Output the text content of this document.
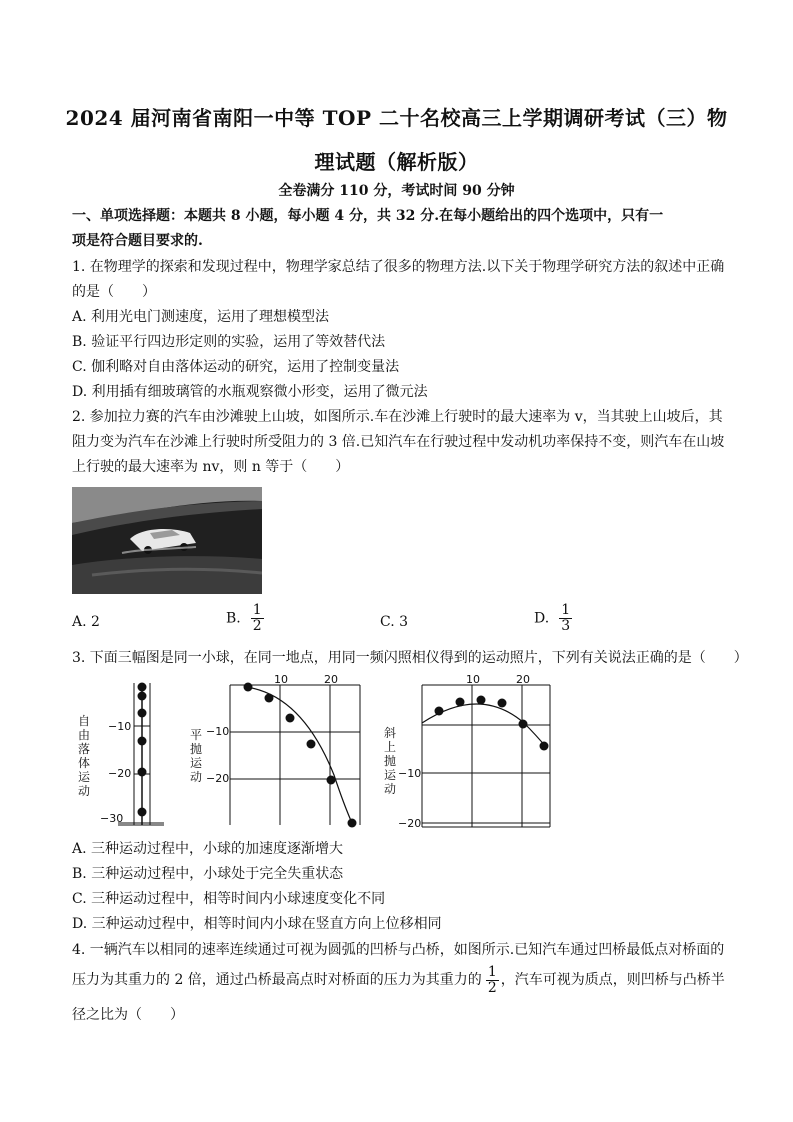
2024 届河南省南阳一中等 TOP 二十名校高三上学期调研考试（三）物
理试题（解析版）
全卷满分 110 分，考试时间 90 分钟
一、单项选择题：本题共 8 小题，每小题 4 分，共 32 分.在每小题给出的四个选项中，只有一
项是符合题目要求的.
1. 在物理学的探索和发现过程中，物理学家总结了很多的物理方法.以下关于物理学研究方法的叙述中正确
的是（　　）
A. 利用光电门测速度，运用了理想模型法
B. 验证平行四边形定则的实验，运用了等效替代法
C. 伽利略对自由落体运动的研究，运用了控制变量法
D. 利用插有细玻璃管的水瓶观察微小形变，运用了微元法
2. 参加拉力赛的汽车由沙滩驶上山坡，如图所示.车在沙滩上行驶时的最大速率为 v，当其驶上山坡后，其
阻力变为汽车在沙滩上行驶时所受阻力的 3 倍.已知汽车在行驶过程中发动机功率保持不变，则汽车在山坡
上行驶的最大速率为 nv，则 n 等于（　　）
A. 2	B. $\frac{1}{2}$	C. 3	D. $\frac{1}{3}$
3. 下面三幅图是同一小球，在同一地点，用同一频闪照相仪得到的运动照片，下列有关说法正确的是（　　）
自由落体运动
−10
−20
−30
平抛运动
10	20
−10
−20
斜上抛运动
10	20
−10
−20
A. 三种运动过程中，小球的加速度逐渐增大
B. 三种运动过程中，小球处于完全失重状态
C. 三种运动过程中，相等时间内小球速度变化不同
D. 三种运动过程中，相等时间内小球在竖直方向上位移相同
4. 一辆汽车以相同的速率连续通过可视为圆弧的凹桥与凸桥，如图所示.已知汽车通过凹桥最低点对桥面的
压力为其重力的 2 倍，通过凸桥最高点时对桥面的压力为其重力的 $\frac{1}{2}$ ，汽车可视为质点，则凹桥与凸桥半
径之比为（　　）
